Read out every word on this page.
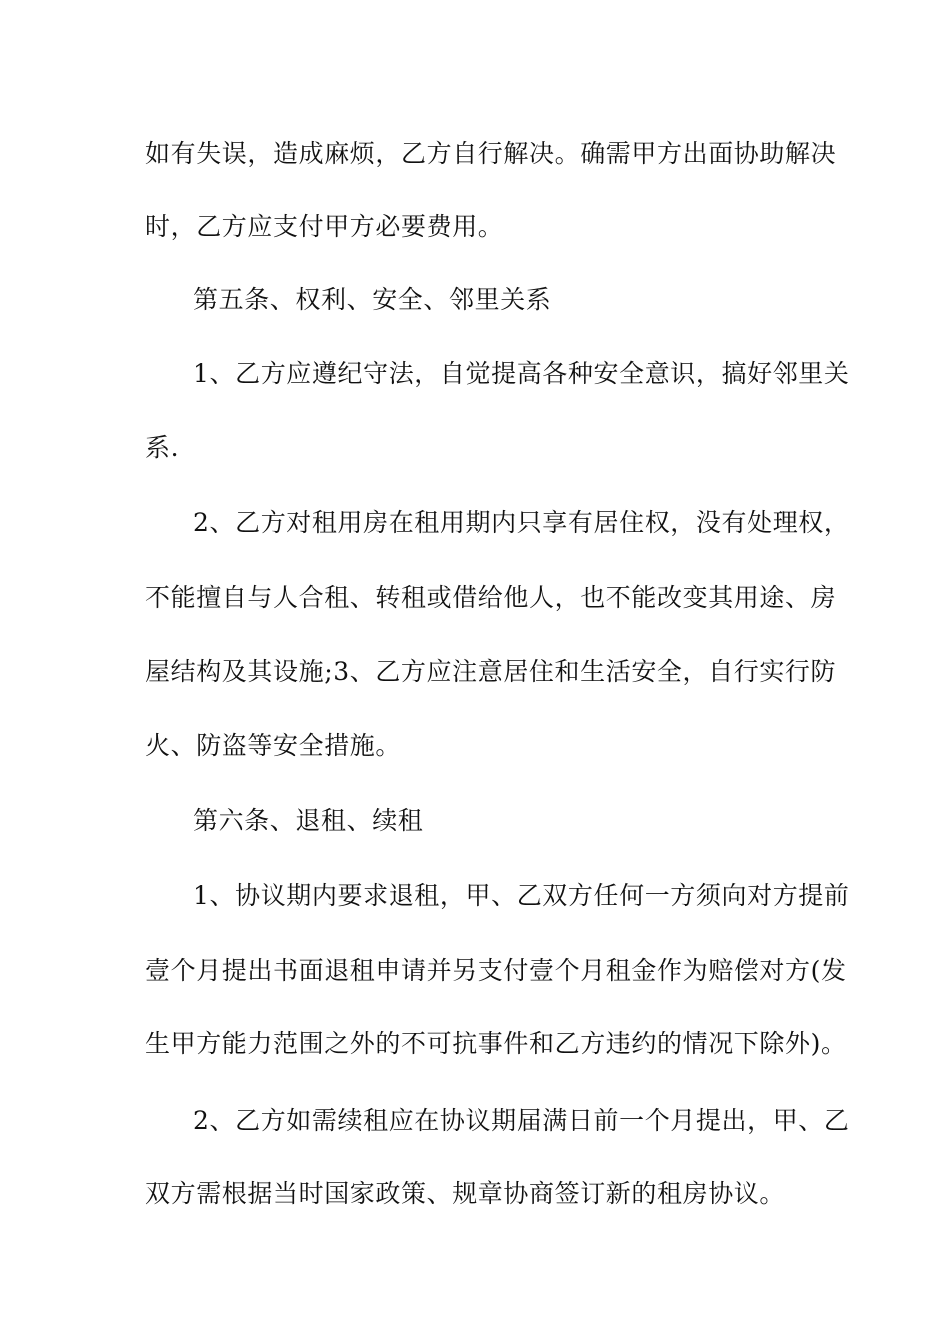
如有失误，造成麻烦，乙方自行解决。确需甲方出面协助解决
时，乙方应支付甲方必要费用。
第五条、权利、安全、邻里关系
1、乙方应遵纪守法，自觉提高各种安全意识，搞好邻里关
系.
2、乙方对租用房在租用期内只享有居住权，没有处理权，
不能擅自与人合租、转租或借给他人，也不能改变其用途、房
屋结构及其设施;3、乙方应注意居住和生活安全，自行实行防
火、防盗等安全措施。
第六条、退租、续租
1、协议期内要求退租，甲、乙双方任何一方须向对方提前
壹个月提出书面退租申请并另支付壹个月租金作为赔偿对方(发
生甲方能力范围之外的不可抗事件和乙方违约的情况下除外)。
2、乙方如需续租应在协议期届满日前一个月提出，甲、乙
双方需根据当时国家政策、规章协商签订新的租房协议。
